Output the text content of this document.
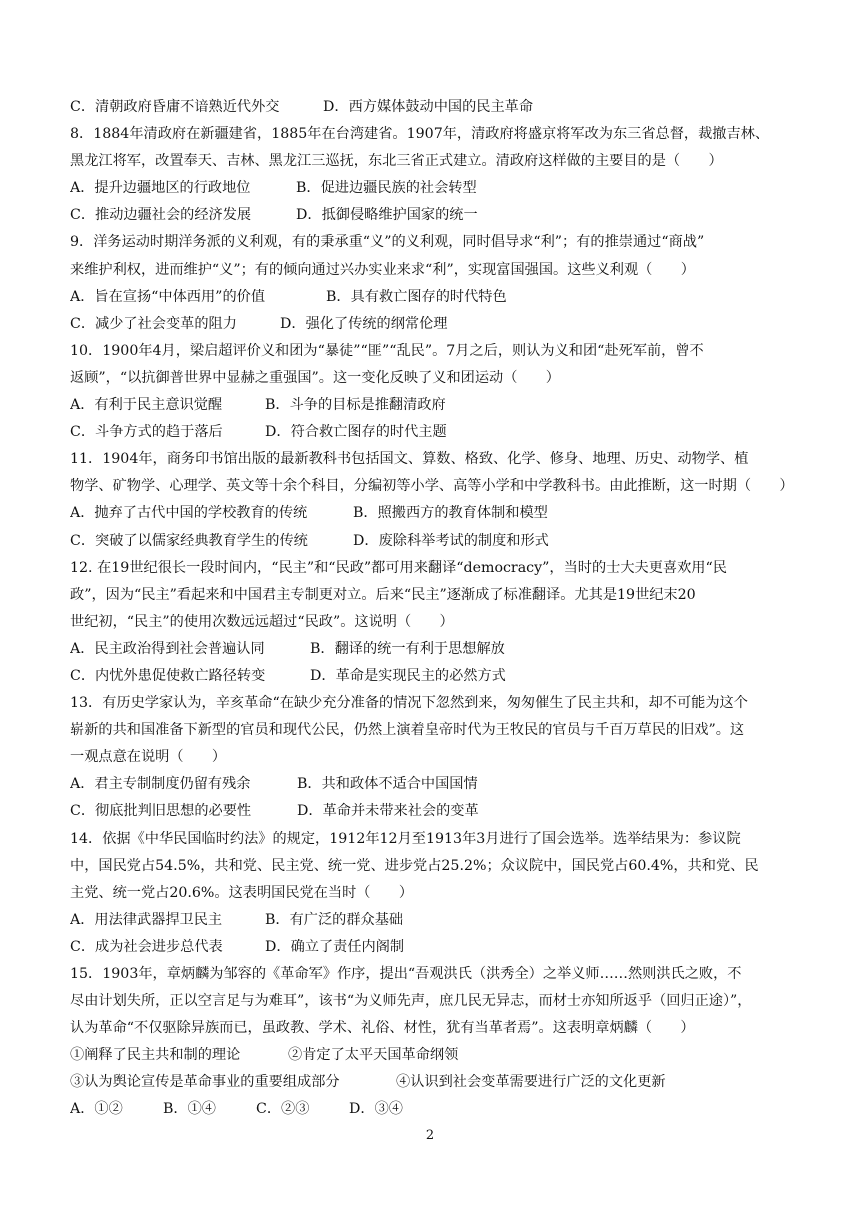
C．清朝政府昏庸不谙熟近代外交	D．西方媒体鼓动中国的民主革命
8．1884年清政府在新疆建省，1885年在台湾建省。1907年，清政府将盛京将军改为东三省总督，裁撤吉林、
黑龙江将军，改置奉天、吉林、黑龙江三巡抚，东北三省正式建立。清政府这样做的主要目的是（　　）
A．提升边疆地区的行政地位	B．促进边疆民族的社会转型
C．推动边疆社会的经济发展	D．抵御侵略维护国家的统一
9．洋务运动时期洋务派的义利观，有的秉承重“义”的义利观，同时倡导求“利”；有的推崇通过“商战”
来维护利权，进而维护“义”；有的倾向通过兴办实业来求“利”，实现富国强国。这些义利观（　　）
A．旨在宣扬“中体西用”的价值	B．具有救亡图存的时代特色
C．减少了社会变革的阻力	D．强化了传统的纲常伦理
10．1900年4月，梁启超评价义和团为“暴徒”“匪”“乱民”。7月之后，则认为义和团“赴死军前，曾不
返顾”，“以抗御普世界中显赫之重强国”。这一变化反映了义和团运动（　　）
A．有利于民主意识觉醒	B．斗争的目标是推翻清政府
C．斗争方式的趋于落后	D．符合救亡图存的时代主题
11．1904年，商务印书馆出版的最新教科书包括国文、算数、格致、化学、修身、地理、历史、动物学、植
物学、矿物学、心理学、英文等十余个科目，分编初等小学、高等小学和中学教科书。由此推断，这一时期（　　）
A．抛弃了古代中国的学校教育的传统	B．照搬西方的教育体制和模型
C．突破了以儒家经典教育学生的传统	D．废除科举考试的制度和形式
12. 在19世纪很长一段时间内，“民主”和“民政”都可用来翻译“democracy”，当时的士大夫更喜欢用“民
政”，因为“民主”看起来和中国君主专制更对立。后来“民主”逐渐成了标准翻译。尤其是19世纪末20
世纪初，“民主”的使用次数远远超过“民政”。这说明（　　）
A．民主政治得到社会普遍认同	B．翻译的统一有利于思想解放
C．内忧外患促使救亡路径转变	D．革命是实现民主的必然方式
13．有历史学家认为，辛亥革命“在缺少充分准备的情况下忽然到来，匆匆催生了民主共和，却不可能为这个
崭新的共和国准备下新型的官员和现代公民，仍然上演着皇帝时代为王牧民的官员与千百万草民的旧戏”。这
一观点意在说明（　　）
A．君主专制制度仍留有残余	B．共和政体不适合中国国情
C．彻底批判旧思想的必要性	D．革命并未带来社会的变革
14．依据《中华民国临时约法》的规定，1912年12月至1913年3月进行了国会选举。选举结果为：参议院
中，国民党占54.5%，共和党、民主党、统一党、进步党占25.2%；众议院中，国民党占60.4%，共和党、民
主党、统一党占20.6%。这表明国民党在当时（　　）
A．用法律武器捍卫民主	B．有广泛的群众基础
C．成为社会进步总代表	D．确立了责任内阁制
15．1903年，章炳麟为邹容的《革命军》作序，提出“吾观洪氏（洪秀全）之举义师……然则洪氏之败，不
尽由计划失所，正以空言足与为难耳”，该书“为义师先声，庶几民无异志，而材士亦知所返乎（回归正途）”，
认为革命“不仅驱除异族而已，虽政教、学术、礼俗、材性，犹有当革者焉”。这表明章炳麟（　　）
①阐释了民主共和制的理论	②肯定了太平天国革命纲领
③认为舆论宣传是革命事业的重要组成部分	④认识到社会变革需要进行广泛的文化更新
A．①②	B．①④	C．②③	D．③④
2
